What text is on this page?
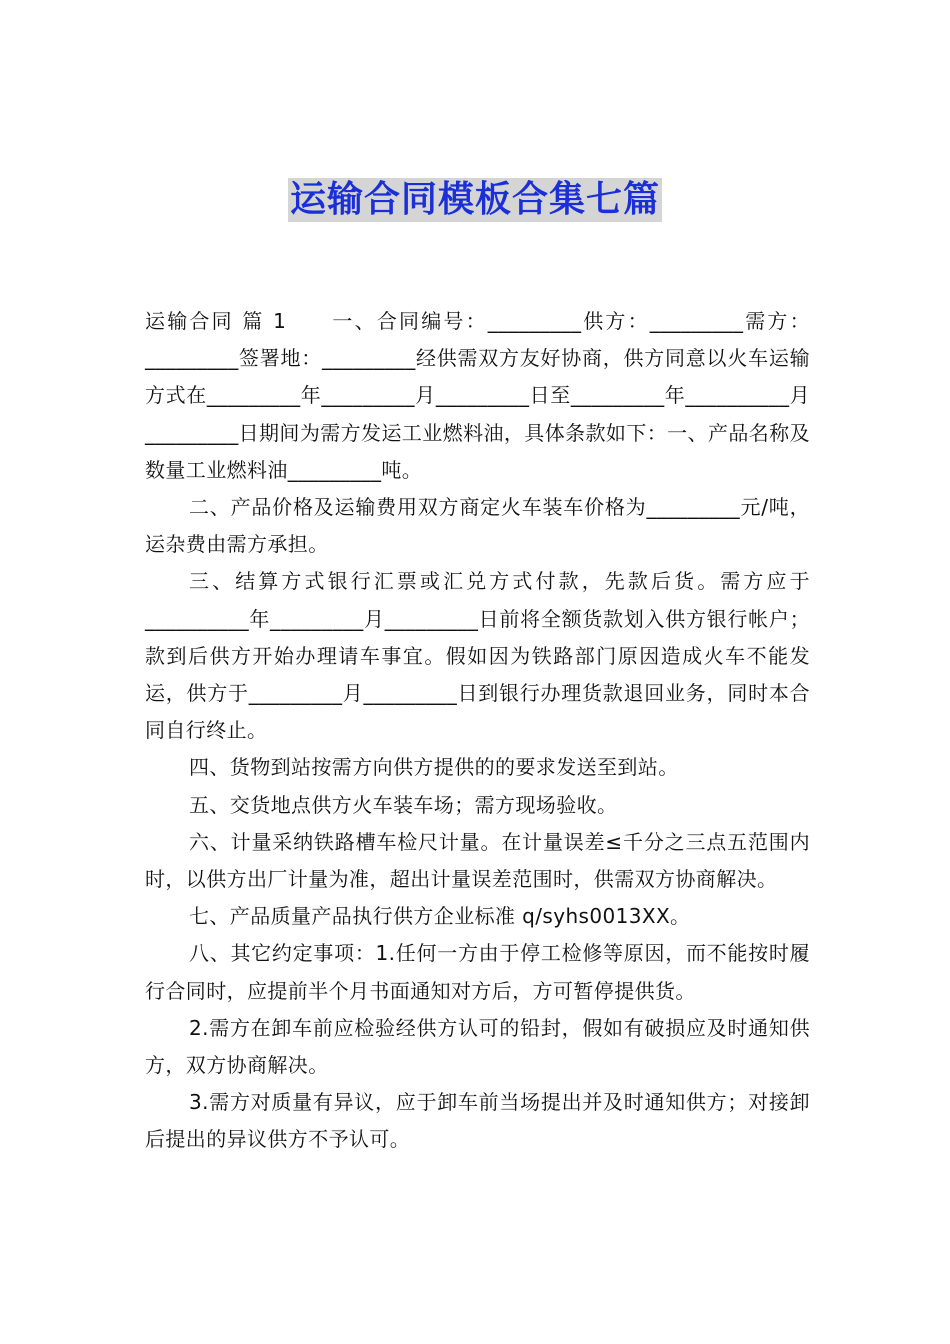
运输合同模板合集七篇

运输合同 篇 1　　一、合同编号：_________供方：_________需方：_________签署地：_________经供需双方友好协商，供方同意以火车运输方式在_________年_________月_________日至_________年__________月_________日期间为需方发运工业燃料油，具体条款如下：一、产品名称及数量工业燃料油_________吨。

二、产品价格及运输费用双方商定火车装车价格为_________元/吨，运杂费由需方承担。

三、结算方式银行汇票或汇兑方式付款，先款后货。需方应于__________年_________月_________日前将全额货款划入供方银行帐户；款到后供方开始办理请车事宜。假如因为铁路部门原因造成火车不能发运，供方于_________月_________日到银行办理货款退回业务，同时本合同自行终止。

四、货物到站按需方向供方提供的的要求发送至到站。

五、交货地点供方火车装车场；需方现场验收。

六、计量采纳铁路槽车检尺计量。在计量误差≤千分之三点五范围内时，以供方出厂计量为准，超出计量误差范围时，供需双方协商解决。

七、产品质量产品执行供方企业标准 q/syhs0013XX。

八、其它约定事项：1.任何一方由于停工检修等原因，而不能按时履行合同时，应提前半个月书面通知对方后，方可暂停提供货。

2.需方在卸车前应检验经供方认可的铅封，假如有破损应及时通知供方，双方协商解决。

3.需方对质量有异议，应于卸车前当场提出并及时通知供方；对接卸后提出的异议供方不予认可。
